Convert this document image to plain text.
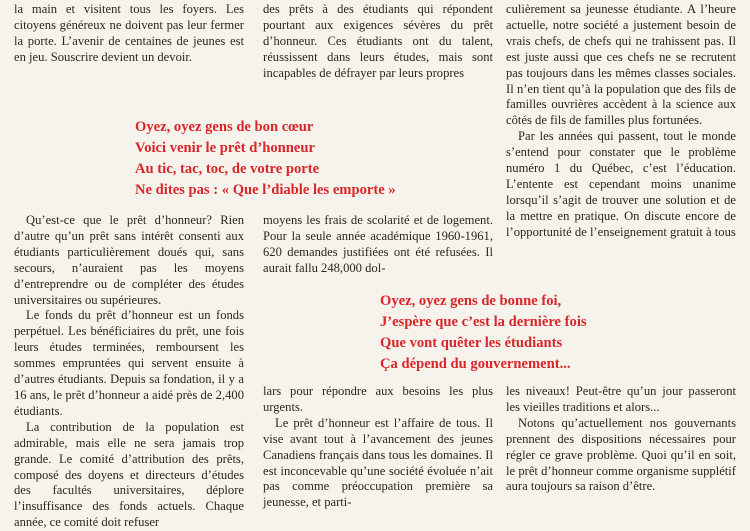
la main et visitent tous les foyers. Les citoyens généreux ne doivent pas leur fermer la porte. L’avenir de centaines de jeunes est en jeu. Souscrire devient un devoir.

des prêts à des étudiants qui répondent pourtant aux exigences sévères du prêt d’honneur. Ces étudiants ont du talent, réussissent dans leurs études, mais sont incapables de défrayer par leurs propres

culièrement sa jeunesse étudiante. A l’heure actuelle, notre société a justement besoin de vrais chefs, de chefs qui ne trahissent pas. Il est juste aussi que ces chefs ne se recrutent pas toujours dans les mêmes classes sociales. Il n’en tient qu’à la population que des fils de familles ouvrières accèdent à la science aux côtés de fils de familles plus fortunées.

Par les années qui passent, tout le monde s’entend pour constater que le problème numéro 1 du Québec, c’est l’éducation. L’entente est cependant moins unanime lorsqu’il s’agit de trouver une solution et de la mettre en pratique. On discute encore de l’opportunité de l’enseignement gratuit à tous

Oyez, oyez gens de bon cœur
Voici venir le prêt d’honneur
Au tic, tac, toc, de votre porte
Ne dites pas : « Que l’diable les emporte »

Qu’est-ce que le prêt d’honneur? Rien d’autre qu’un prêt sans intérêt consenti aux étudiants particulièrement doués qui, sans secours, n’auraient pas les moyens d’entreprendre ou de compléter des études universitaires ou supérieures.

Le fonds du prêt d’honneur est un fonds perpétuel. Les bénéficiaires du prêt, une fois leurs études terminées, remboursent les sommes empruntées qui servent ensuite à d’autres étudiants. Depuis sa fondation, il y a 16 ans, le prêt d’honneur a aidé près de 2,400 étudiants.

La contribution de la population est admirable, mais elle ne sera jamais trop grande. Le comité d’attribution des prêts, composé des doyens et directeurs d’études des facultés universitaires, déplore l’insuffisance des fonds actuels. Chaque année, ce comité doit refuser

moyens les frais de scolarité et de logement. Pour la seule année académique 1960-1961, 620 demandes justifiées ont été refusées. Il aurait fallu 248,000 dol-

Oyez, oyez gens de bonne foi,
J’espère que c’est la dernière fois
Que vont quêter les étudiants
Ça dépend du gouvernement...

lars pour répondre aux besoins les plus urgents.

Le prêt d’honneur est l’affaire de tous. Il vise avant tout à l’avancement des jeunes Canadiens français dans tous les domaines. Il est inconcevable qu’une société évoluée n’ait pas comme préoccupation première sa jeunesse, et parti-

les niveaux! Peut-être qu’un jour passeront les vieilles traditions et alors...

Notons qu’actuellement nos gouvernants prennent des dispositions nécessaires pour régler ce grave problème. Quoi qu’il en soit, le prêt d’honneur comme organisme supplétif aura toujours sa raison d’être.
